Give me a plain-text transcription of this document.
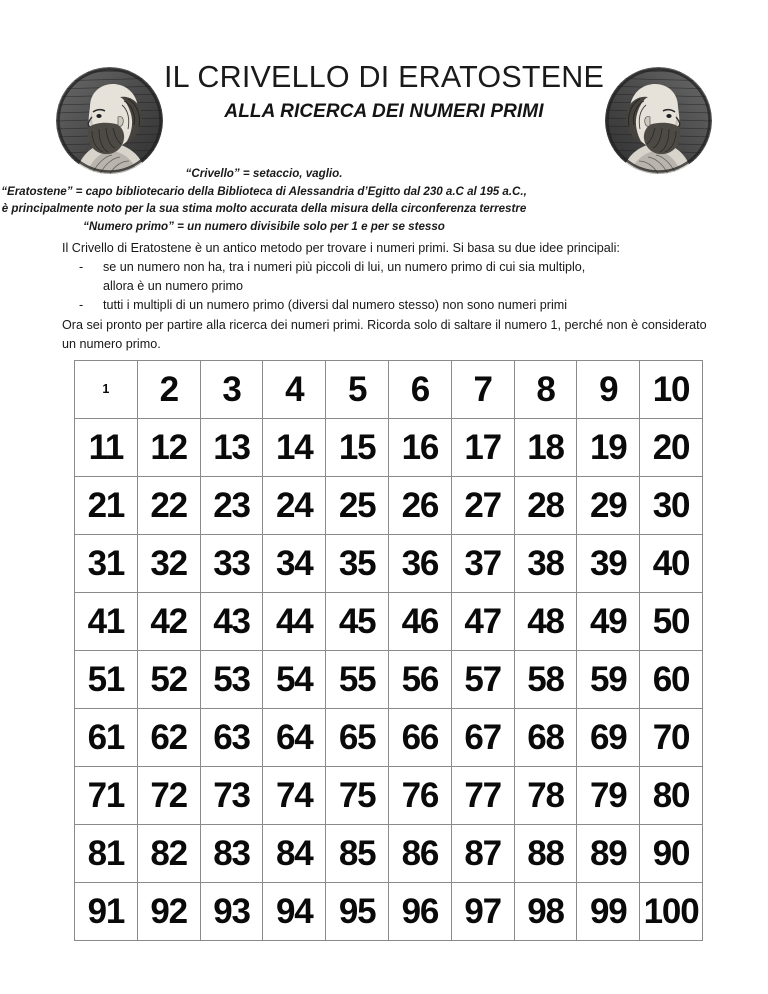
IL CRIVELLO DI ERATOSTENE
ALLA RICERCA DEI NUMERI PRIMI
“Crivello” = setaccio, vaglio.
“Eratostene” = capo bibliotecario della Biblioteca di Alessandria d’Egitto dal 230 a.C al 195 a.C.,
è principalmente noto per la sua stima molto accurata della misura della circonferenza terrestre
“Numero primo” = un numero divisibile solo per 1 e per se stesso
Il Crivello di Eratostene è un antico metodo per trovare i numeri primi. Si basa su due idee principali:
-	se un numero non ha, tra i numeri più piccoli di lui, un numero primo di cui sia multiplo,
allora è un numero primo
-	tutti i multipli di un numero primo (diversi dal numero stesso) non sono numeri primi
Ora sei pronto per partire alla ricerca dei numeri primi. Ricorda solo di saltare il numero 1, perché non è considerato un numero primo.
1	2	3	4	5	6	7	8	9	10
11	12	13	14	15	16	17	18	19	20
21	22	23	24	25	26	27	28	29	30
31	32	33	34	35	36	37	38	39	40
41	42	43	44	45	46	47	48	49	50
51	52	53	54	55	56	57	58	59	60
61	62	63	64	65	66	67	68	69	70
71	72	73	74	75	76	77	78	79	80
81	82	83	84	85	86	87	88	89	90
91	92	93	94	95	96	97	98	99	100
